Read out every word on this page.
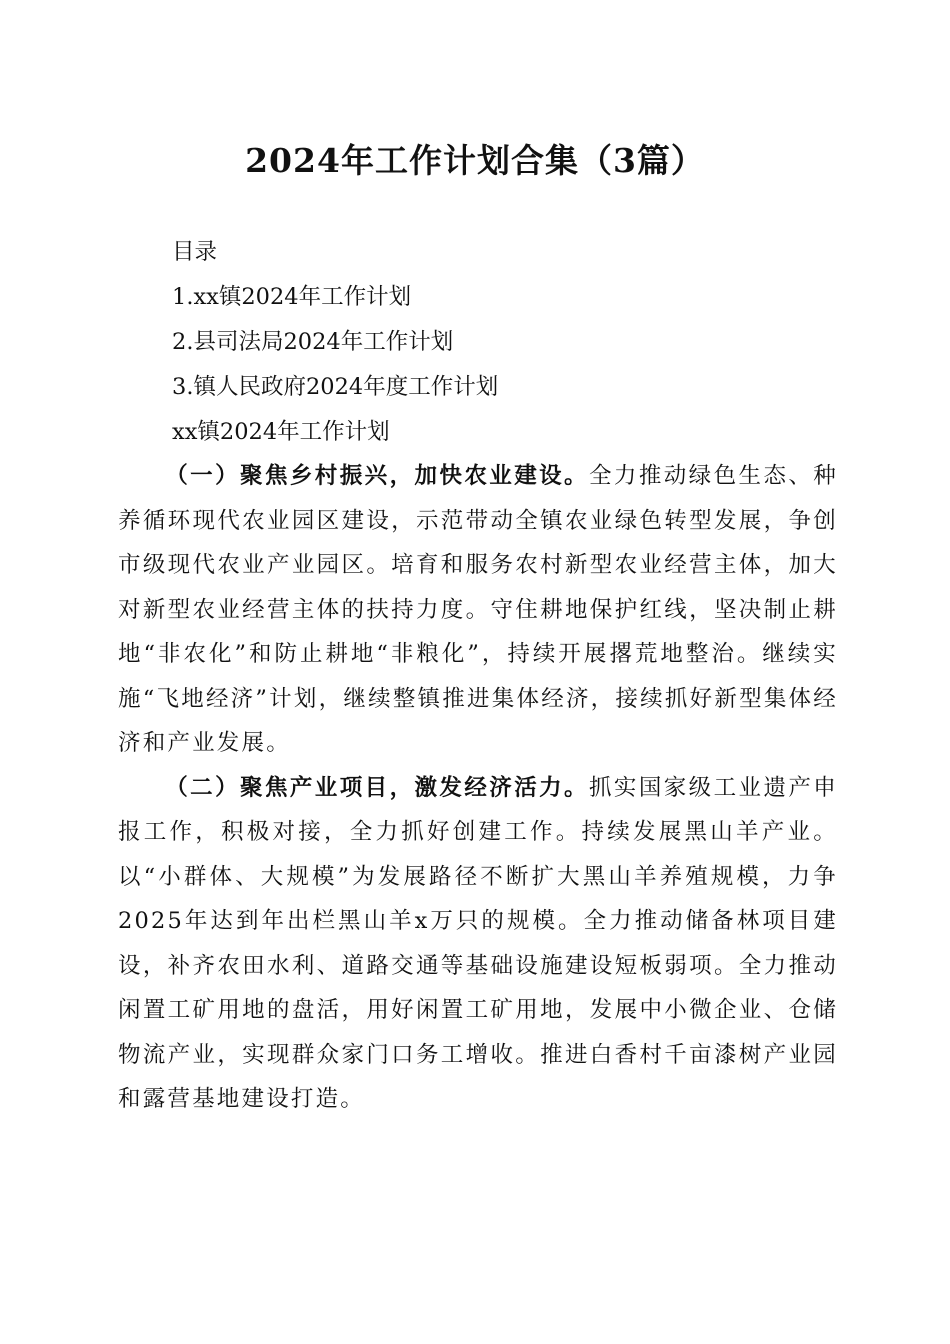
2024年工作计划合集（3篇）
目录
1.xx镇2024年工作计划
2.县司法局2024年工作计划
3.镇人民政府2024年度工作计划
xx镇2024年工作计划

（一）聚焦乡村振兴，加快农业建设。全力推动绿色生态、种养循环现代农业园区建设，示范带动全镇农业绿色转型发展，争创市级现代农业产业园区。培育和服务农村新型农业经营主体，加大对新型农业经营主体的扶持力度。守住耕地保护红线，坚决制止耕地“非农化”和防止耕地“非粮化”，持续开展撂荒地整治。继续实施“飞地经济”计划，继续整镇推进集体经济，接续抓好新型集体经济和产业发展。

（二）聚焦产业项目，激发经济活力。抓实国家级工业遗产申报工作，积极对接，全力抓好创建工作。持续发展黑山羊产业。以“小群体、大规模”为发展路径不断扩大黑山羊养殖规模，力争2025年达到年出栏黑山羊x万只的规模。全力推动储备林项目建设，补齐农田水利、道路交通等基础设施建设短板弱项。全力推动闲置工矿用地的盘活，用好闲置工矿用地，发展中小微企业、仓储物流产业，实现群众家门口务工增收。推进白香村千亩漆树产业园和露营基地建设打造。
